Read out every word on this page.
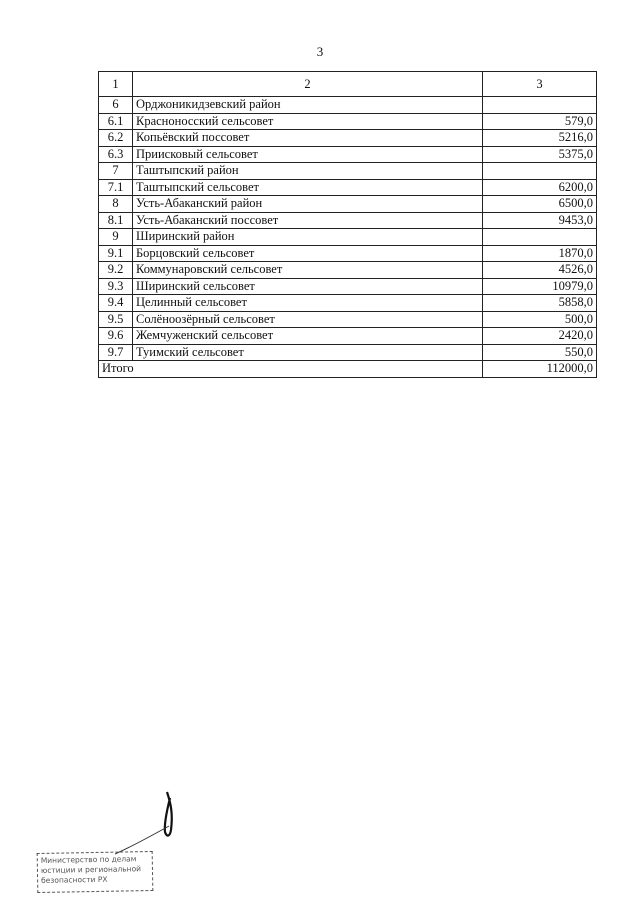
3
1	2	3
6	Орджоникидзевский район	
6.1	Красноносский сельсовет	579,0
6.2	Копьёвский поссовет	5216,0
6.3	Приисковый сельсовет	5375,0
7	Таштыпский район	
7.1	Таштыпский сельсовет	6200,0
8	Усть-Абаканский район	6500,0
8.1	Усть-Абаканский поссовет	9453,0
9	Ширинский район	
9.1	Борцовский сельсовет	1870,0
9.2	Коммунаровский сельсовет	4526,0
9.3	Ширинский сельсовет	10979,0
9.4	Целинный сельсовет	5858,0
9.5	Солёноозёрный сельсовет	500,0
9.6	Жемчуженский сельсовет	2420,0
9.7	Туимский сельсовет	550,0
Итого		112000,0
Министерство по делам
юстиции и региональной
безопасности РХ
